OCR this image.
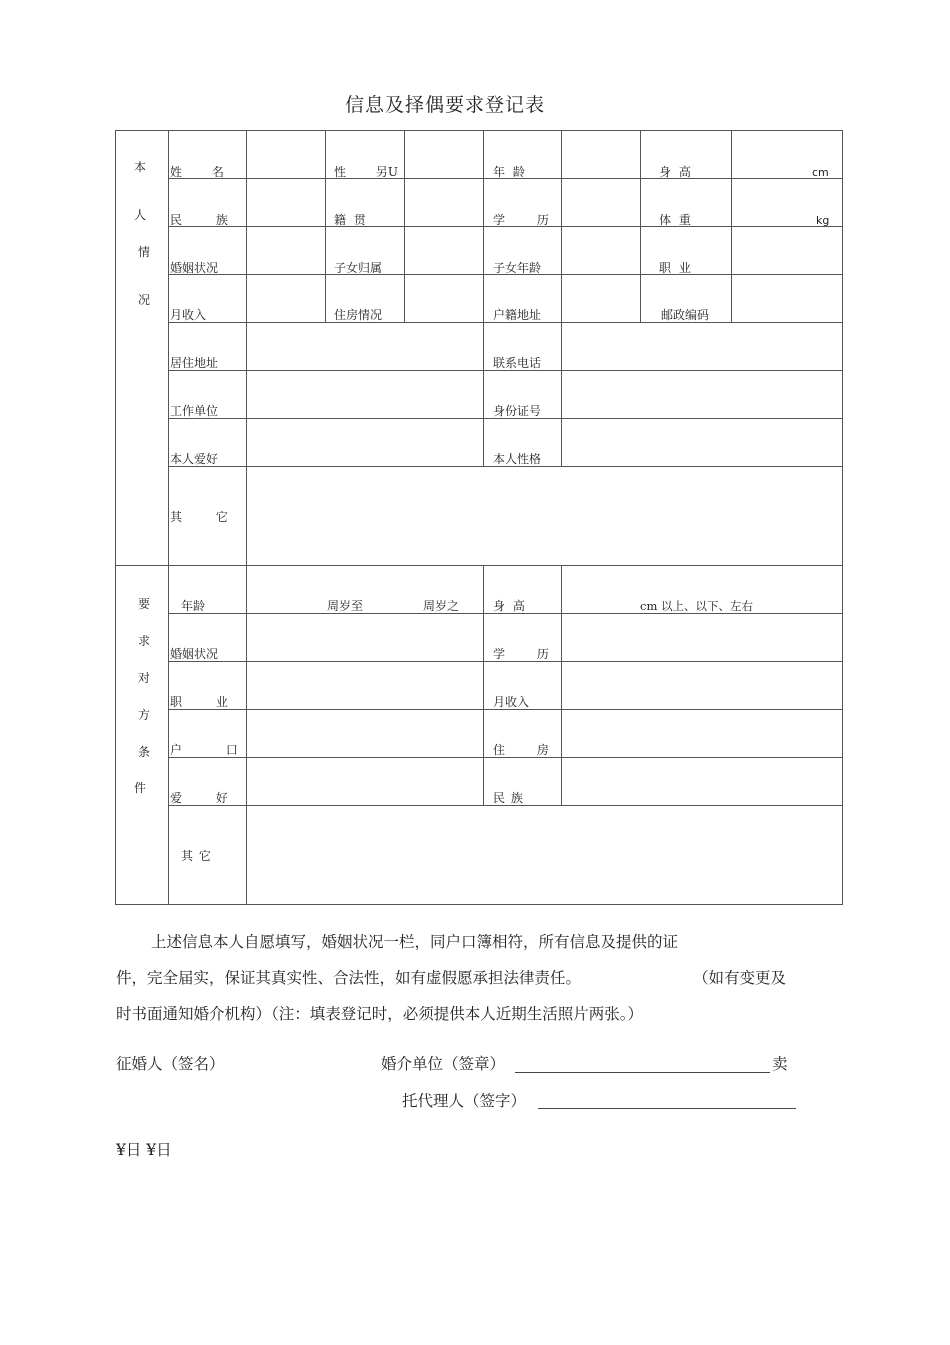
信息及择偶要求登记表
本
人
情
况
姓 名	性 另U	年 龄	身 高	cm
民 族	籍 贯	学 历	体 重	kg
婚姻状况	子女归属	子女年龄	职 业
月收入	住房情况	户籍地址	邮政编码
居住地址	联系电话
工作单位	身份证号
本人爱好	本人性格
其 它
要
求
对
方
条
件
年龄	周岁至	周岁之	身 高	cm 以上、以下、左右
婚姻状况	学 历
职 业	月收入
户 口	住 房
爱 好	民 族
其 它
上述信息本人自愿填写，婚姻状况一栏，同户口簿相符，所有信息及提供的证
件，完全届实，保证其真实性、合法性，如有虚假愿承担法律责任。	（如有变更及
时书面通知婚介机构）（注：填表登记时，必须提供本人近期生活照片两张。）
征婚人（签名）	婚介单位（签章）	卖
托代理人（签字）
¥日 ¥日
